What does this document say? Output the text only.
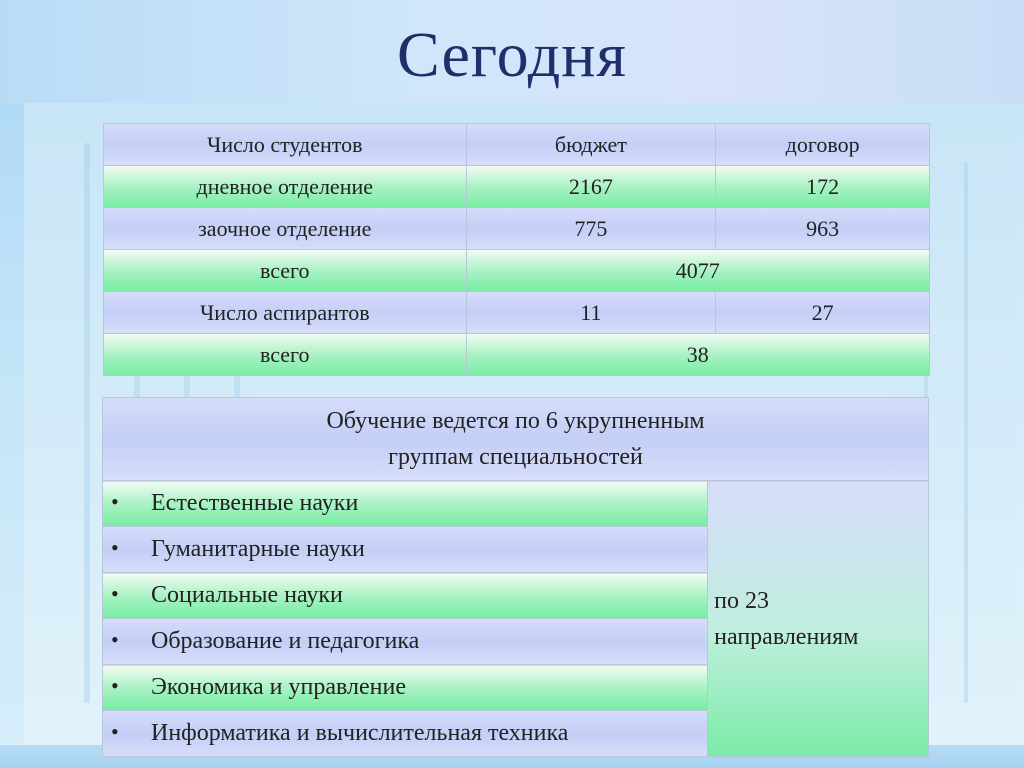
Сегодня
Число студентов	бюджет	договор
дневное отделение	2167	172
заочное отделение	775	963
всего	4077	
Число аспирантов	11	27
всего	38	
Обучение ведется по 6 укрупненным
группам специальностей

• Естественные науки	по 23
направлениям

• Гуманитарные науки

• Социальные науки

• Образование и педагогика

• Экономика и управление

• Информатика и вычислительная техника
